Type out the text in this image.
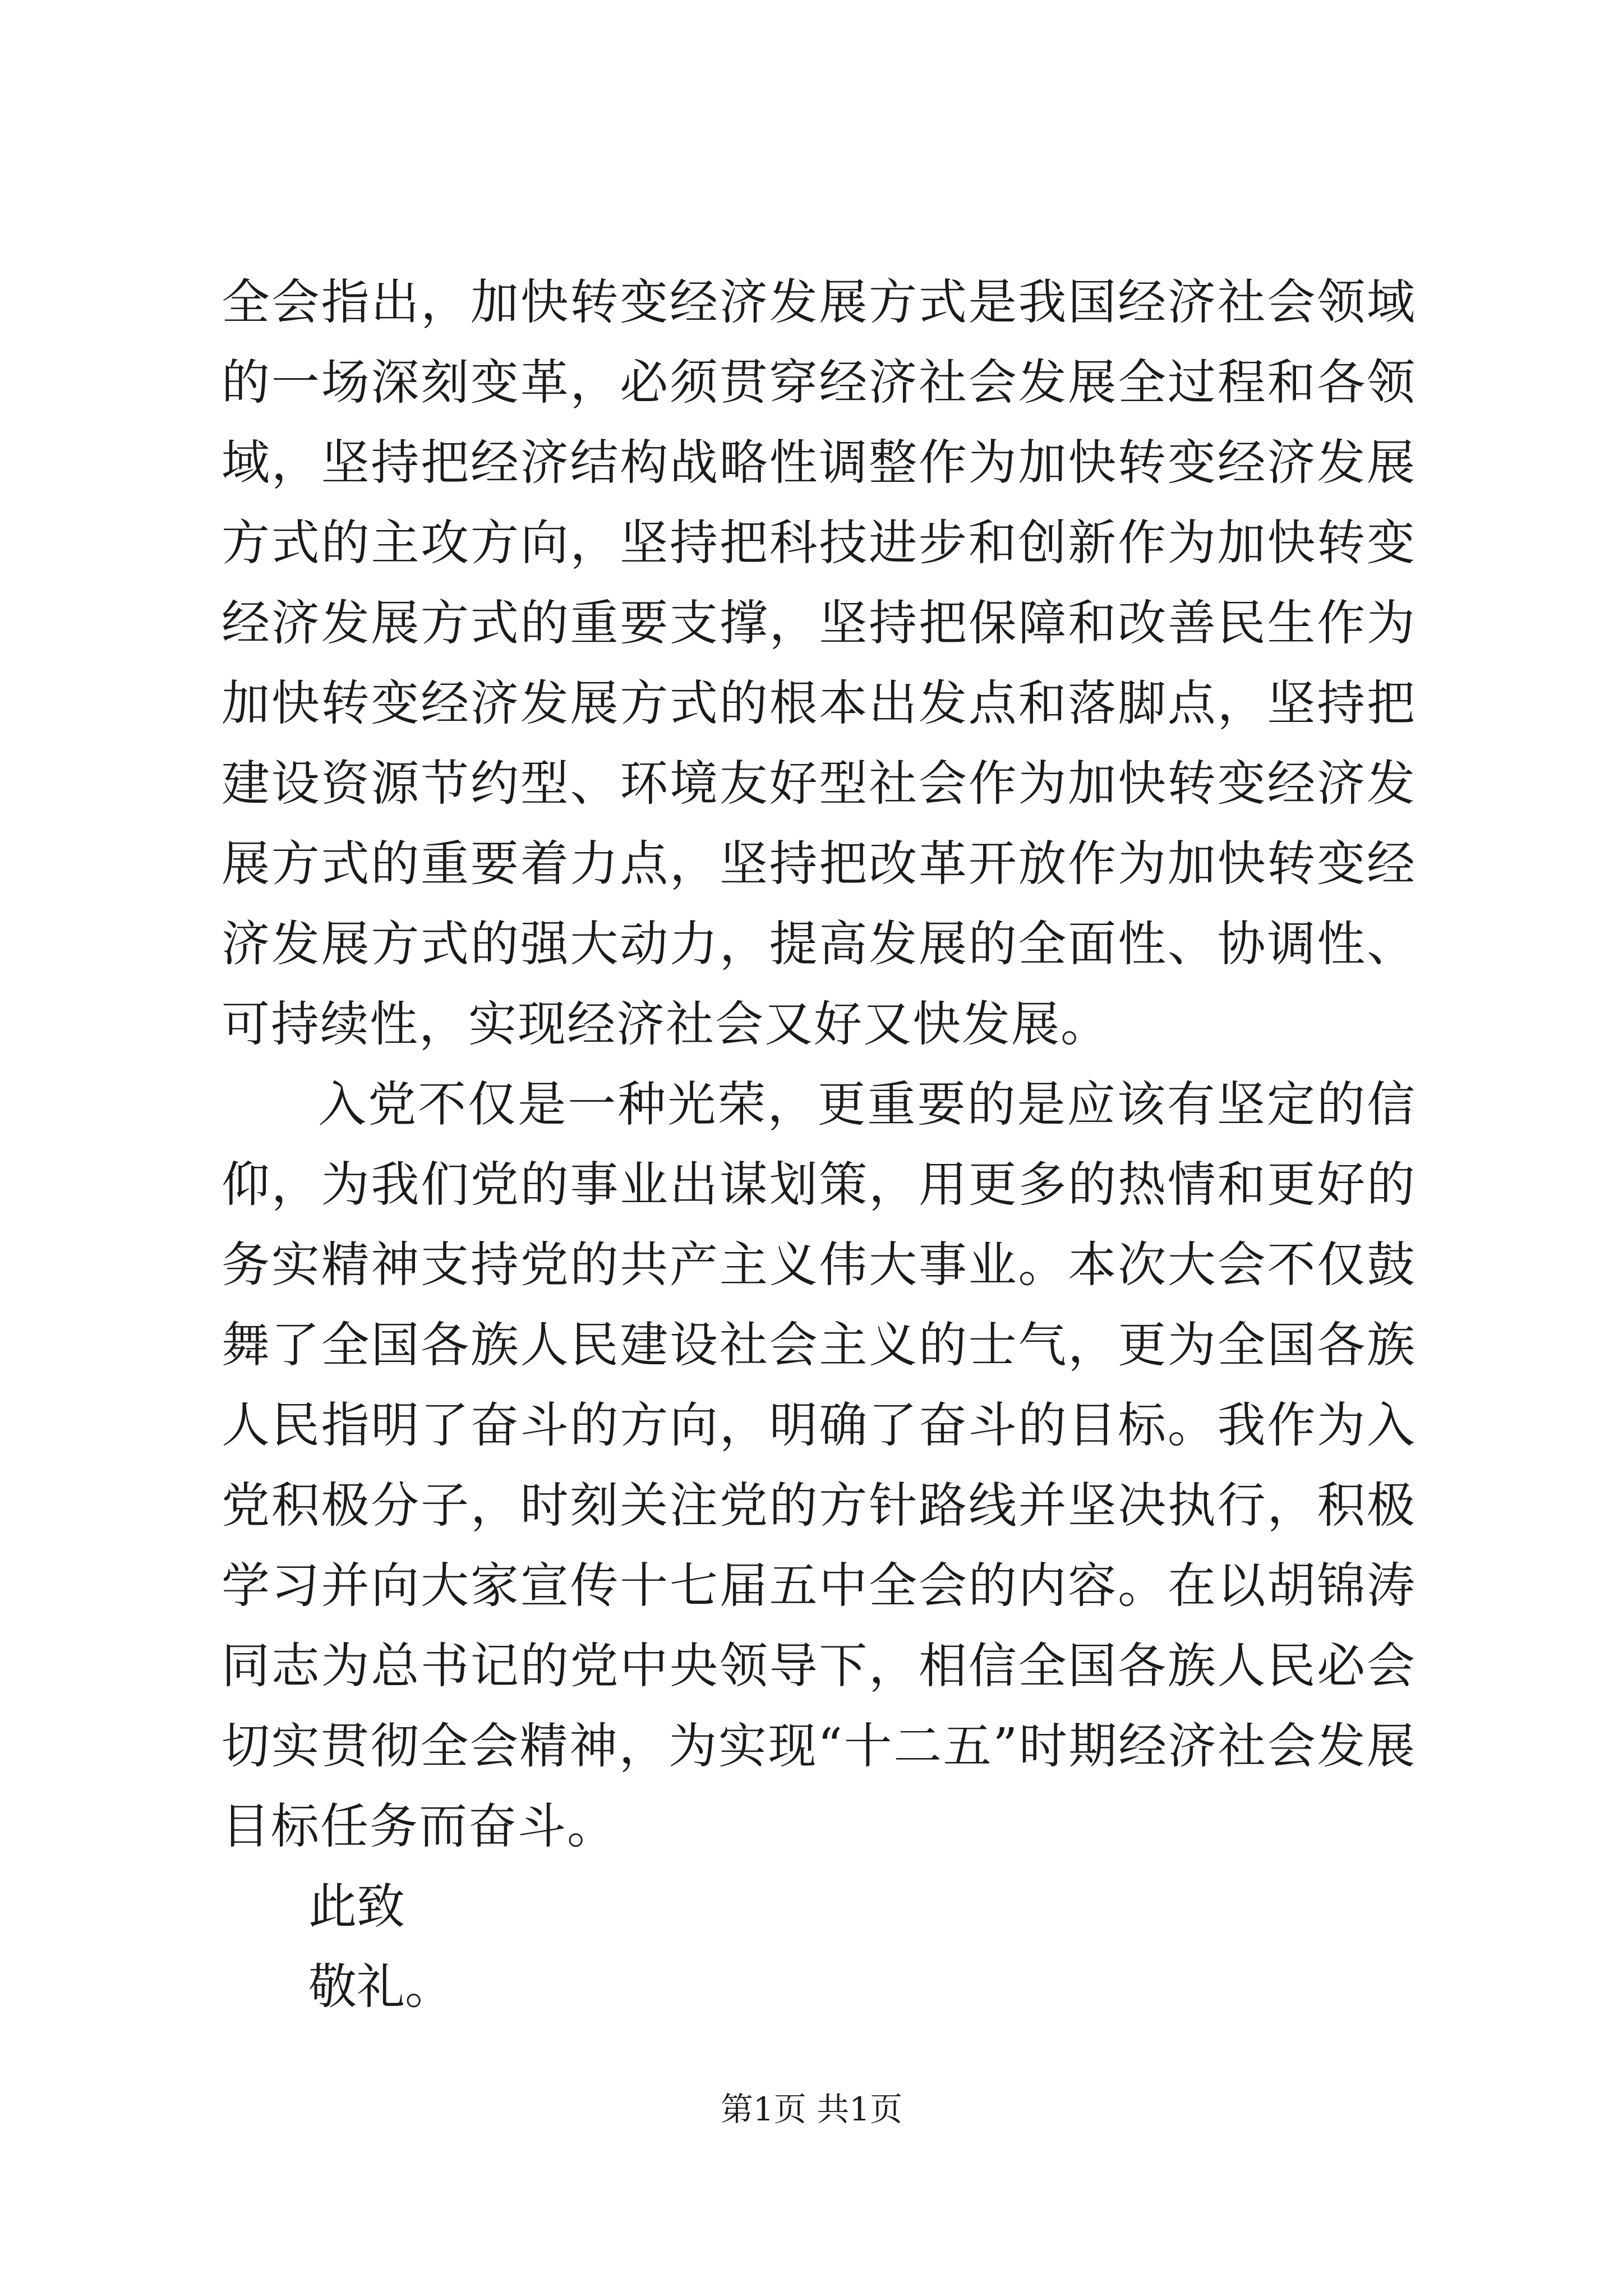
全会指出，加快转变经济发展方式是我国经济社会领域的一场深刻变革，必须贯穿经济社会发展全过程和各领域，坚持把经济结构战略性调整作为加快转变经济发展方式的主攻方向，坚持把科技进步和创新作为加快转变经济发展方式的重要支撑，坚持把保障和改善民生作为加快转变经济发展方式的根本出发点和落脚点，坚持把建设资源节约型、环境友好型社会作为加快转变经济发展方式的重要着力点，坚持把改革开放作为加快转变经济发展方式的强大动力，提高发展的全面性、协调性、可持续性，实现经济社会又好又快发展。

入党不仅是一种光荣，更重要的是应该有坚定的信仰，为我们党的事业出谋划策，用更多的热情和更好的务实精神支持党的共产主义伟大事业。本次大会不仅鼓舞了全国各族人民建设社会主义的士气，更为全国各族人民指明了奋斗的方向，明确了奋斗的目标。我作为入党积极分子，时刻关注党的方针路线并坚决执行，积极学习并向大家宣传十七届五中全会的内容。在以胡锦涛同志为总书记的党中央领导下，相信全国各族人民必会切实贯彻全会精神，为实现“十二五”时期经济社会发展目标任务而奋斗。

此致

敬礼。

第1页 共1页
